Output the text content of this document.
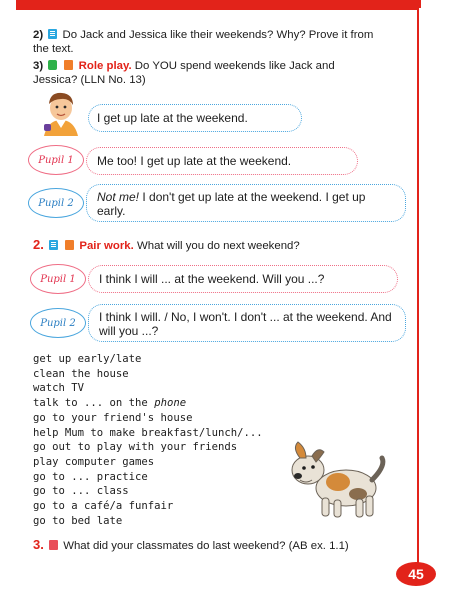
2) Do Jack and Jessica like their weekends? Why? Prove it from the text.
3)	Role play. Do YOU spend weekends like Jack and Jessica? (LLN No. 13)
I get up late at the weekend.
Me too! I get up late at the weekend.
Pupil 1
Not me! I don't get up late at the weekend. I get up early.
Pupil 2
2.	Pair work. What will you do next weekend?
I think I will ... at the weekend. Will you ...?
Pupil 1
I think I will. / No, I won't. I don't ... at the weekend. And will you ...?
Pupil 2
get up early/late
clean the house
watch TV
talk to ... on the phone
go to your friend's house
help Mum to make breakfast/lunch/...
go out to play with your friends
play computer games
go to ... practice
go to ... class
go to a café/a funfair
go to bed late
3. What did your classmates do last weekend? (AB ex. 1.1)
45
